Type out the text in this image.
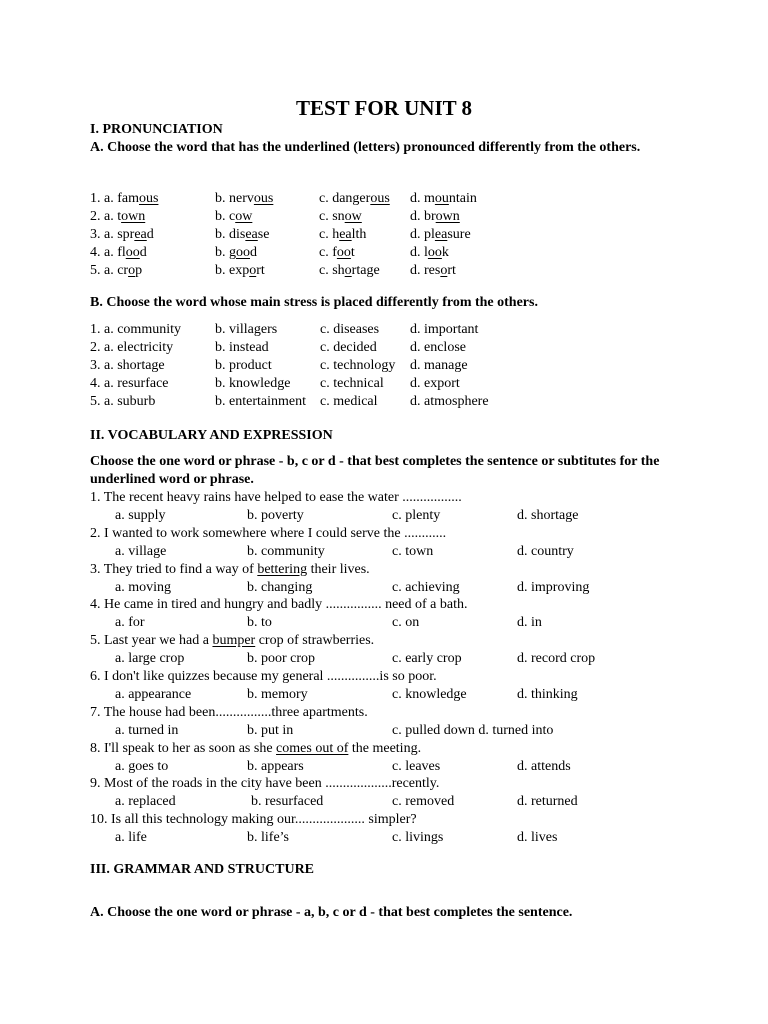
TEST FOR UNIT 8
I. PRONUNCIATION
A. Choose the word that has the underlined (letters) pronounced differently from the others.
1. a. famous	b. nervous	c. dangerous d. mountain
2. a. town	b. cow	c. snow	d. brown
3. a. spread	b. disease	c. health	d. pleasure
4. a. flood	b. good	c. foot	d. look
5. a. crop	b. export	c. shortage d. resort
B. Choose the word whose main stress is placed differently from the others.
1. a. community b. villagers	c. diseases d. important
2. a. electricity	b. instead	c. decided d. enclose
3. a. shortage	b. product	c. technology d. manage
4. a. resurface	b. knowledge c. technical d. export
5. a. suburb	b. entertainment c. medical d. atmosphere
II. VOCABULARY AND EXPRESSION
Choose the one word or phrase - b, c or d - that best completes the sentence or subtitutes for the underlined word or phrase.
1. The recent heavy rains have helped to ease the water .................
a. supply	b. poverty	c. plenty	d. shortage
2. I wanted to work somewhere where I could serve the ............
a. village	b. community	c. town	d. country
3. They tried to find a way of bettering their lives.
a. moving	b. changing	c. achieving	d. improving
4. He came in tired and hungry and badly ................ need of a bath.
a. for	b. to	c. on	d. in
5. Last year we had a bumper crop of strawberries.
a. large crop	b. poor crop	c. early crop	d. record crop
6. I don't like quizzes because my general ...............is so poor.
a. appearance	b. memory	c. knowledge	d. thinking
7. The house had been................three apartments.
a. turned in	b. put in	c. pulled down d. turned into
8. I'll speak to her as soon as she comes out of the meeting.
a. goes to	b. appears	c. leaves	d. attends
9. Most of the roads in the city have been ...................recently.
a. replaced	b. resurfaced	c. removed	d. returned
10. Is all this technology making our.................... simpler?
a. life	b. life’s	c. livings	d. lives
III. GRAMMAR AND STRUCTURE
A. Choose the one word or phrase - a, b, c or d - that best completes the sentence.
